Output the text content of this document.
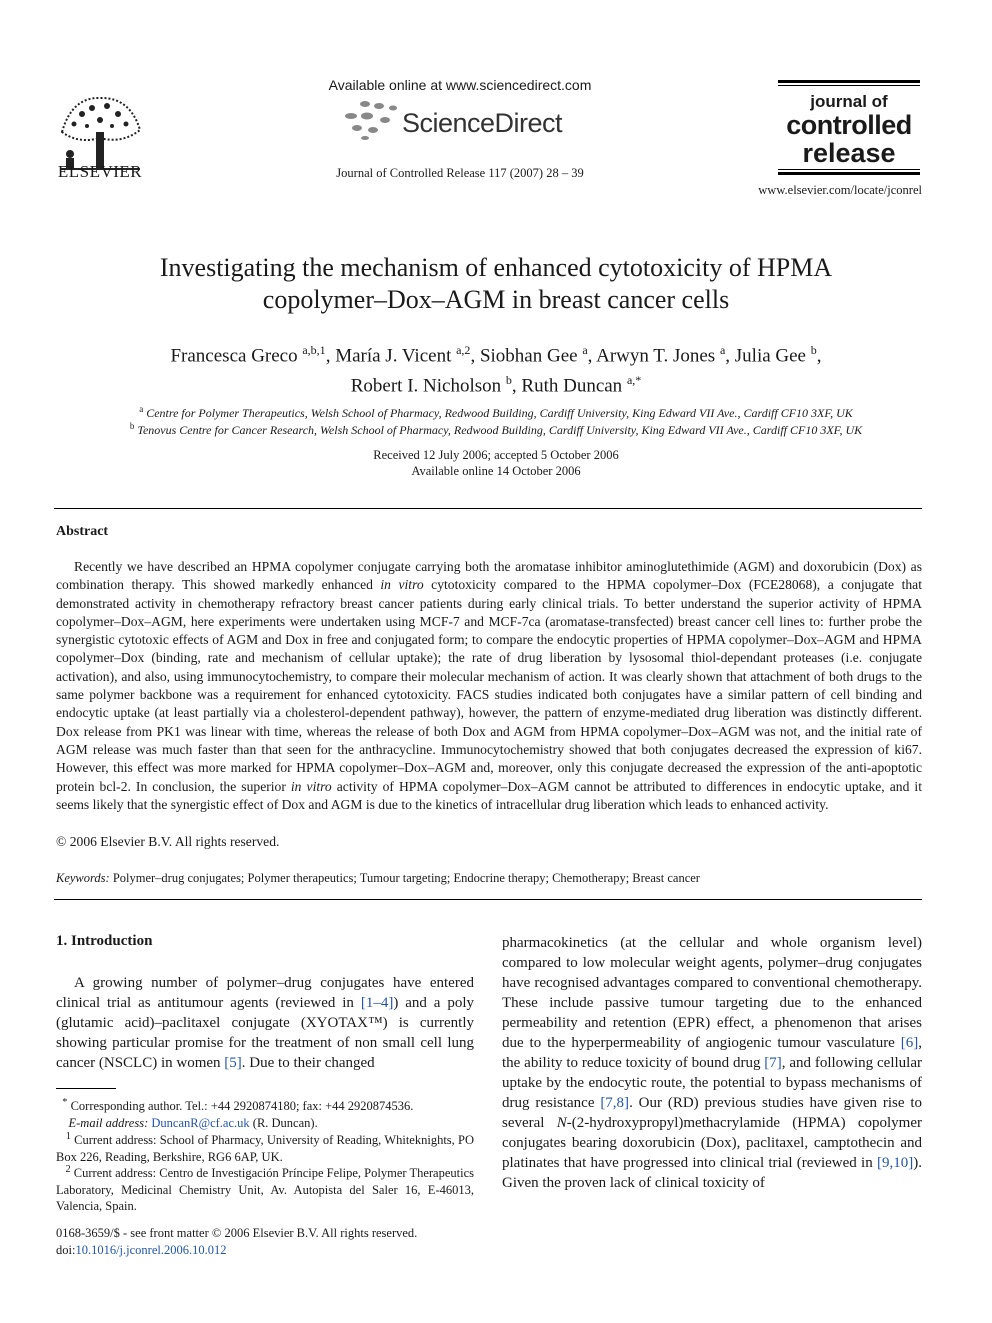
ELSEVIER
Available online at www.sciencedirect.com
ScienceDirect
Journal of Controlled Release 117 (2007) 28 – 39
journal of
controlled
release
www.elsevier.com/locate/jconrel
Investigating the mechanism of enhanced cytotoxicity of HPMA
copolymer–Dox–AGM in breast cancer cells
Francesca Greco $^{a,b,1}$, María J. Vicent $^{a,2}$, Siobhan Gee $^a$, Arwyn T. Jones $^a$, Julia Gee $^b$,
Robert I. Nicholson $^b$, Ruth Duncan $^{a,*}$
$^a$ Centre for Polymer Therapeutics, Welsh School of Pharmacy, Redwood Building, Cardiff University, King Edward VII Ave., Cardiff CF10 3XF, UK
$^b$ Tenovus Centre for Cancer Research, Welsh School of Pharmacy, Redwood Building, Cardiff University, King Edward VII Ave., Cardiff CF10 3XF, UK
Received 12 July 2006; accepted 5 October 2006
Available online 14 October 2006
Abstract
Recently we have described an HPMA copolymer conjugate carrying both the aromatase inhibitor aminoglutethimide (AGM) and doxorubicin (Dox) as combination therapy. This showed markedly enhanced in vitro cytotoxicity compared to the HPMA copolymer–Dox (FCE28068), a conjugate that demonstrated activity in chemotherapy refractory breast cancer patients during early clinical trials. To better understand the superior activity of HPMA copolymer–Dox–AGM, here experiments were undertaken using MCF-7 and MCF-7ca (aromatase-transfected) breast cancer cell lines to: further probe the synergistic cytotoxic effects of AGM and Dox in free and conjugated form; to compare the endocytic properties of HPMA copolymer–Dox–AGM and HPMA copolymer–Dox (binding, rate and mechanism of cellular uptake); the rate of drug liberation by lysosomal thiol-dependant proteases (i.e. conjugate activation), and also, using immunocytochemistry, to compare their molecular mechanism of action. It was clearly shown that attachment of both drugs to the same polymer backbone was a requirement for enhanced cytotoxicity. FACS studies indicated both conjugates have a similar pattern of cell binding and endocytic uptake (at least partially via a cholesterol-dependent pathway), however, the pattern of enzyme-mediated drug liberation was distinctly different. Dox release from PK1 was linear with time, whereas the release of both Dox and AGM from HPMA copolymer–Dox–AGM was not, and the initial rate of AGM release was much faster than that seen for the anthracycline. Immunocytochemistry showed that both conjugates decreased the expression of ki67. However, this effect was more marked for HPMA copolymer–Dox–AGM and, moreover, only this conjugate decreased the expression of the anti-apoptotic protein bcl-2. In conclusion, the superior in vitro activity of HPMA copolymer–Dox–AGM cannot be attributed to differences in endocytic uptake, and it seems likely that the synergistic effect of Dox and AGM is due to the kinetics of intracellular drug liberation which leads to enhanced activity.
© 2006 Elsevier B.V. All rights reserved.
Keywords: Polymer–drug conjugates; Polymer therapeutics; Tumour targeting; Endocrine therapy; Chemotherapy; Breast cancer
1. Introduction
A growing number of polymer–drug conjugates have entered clinical trial as antitumour agents (reviewed in [1–4]) and a poly (glutamic acid)–paclitaxel conjugate (XYOTAX™) is currently showing particular promise for the treatment of non small cell lung cancer (NSCLC) in women [5]. Due to their changed
pharmacokinetics (at the cellular and whole organism level) compared to low molecular weight agents, polymer–drug conjugates have recognised advantages compared to conventional chemotherapy. These include passive tumour targeting due to the enhanced permeability and retention (EPR) effect, a phenomenon that arises due to the hyperpermeability of angiogenic tumour vasculature [6], the ability to reduce toxicity of bound drug [7], and following cellular uptake by the endocytic route, the potential to bypass mechanisms of drug resistance [7,8]. Our (RD) previous studies have given rise to several N-(2-hydroxypropyl)methacrylamide (HPMA) copolymer conjugates bearing doxorubicin (Dox), paclitaxel, camptothecin and platinates that have progressed into clinical trial (reviewed in [9,10]). Given the proven lack of clinical toxicity of
* Corresponding author. Tel.: +44 2920874180; fax: +44 2920874536.
E-mail address: DuncanR@cf.ac.uk (R. Duncan).
$^1$ Current address: School of Pharmacy, University of Reading, Whiteknights, PO Box 226, Reading, Berkshire, RG6 6AP, UK.
$^2$ Current address: Centro de Investigación Príncipe Felipe, Polymer Therapeutics Laboratory, Medicinal Chemistry Unit, Av. Autopista del Saler 16, E-46013, Valencia, Spain.
0168-3659/$ - see front matter © 2006 Elsevier B.V. All rights reserved.
doi:10.1016/j.jconrel.2006.10.012
